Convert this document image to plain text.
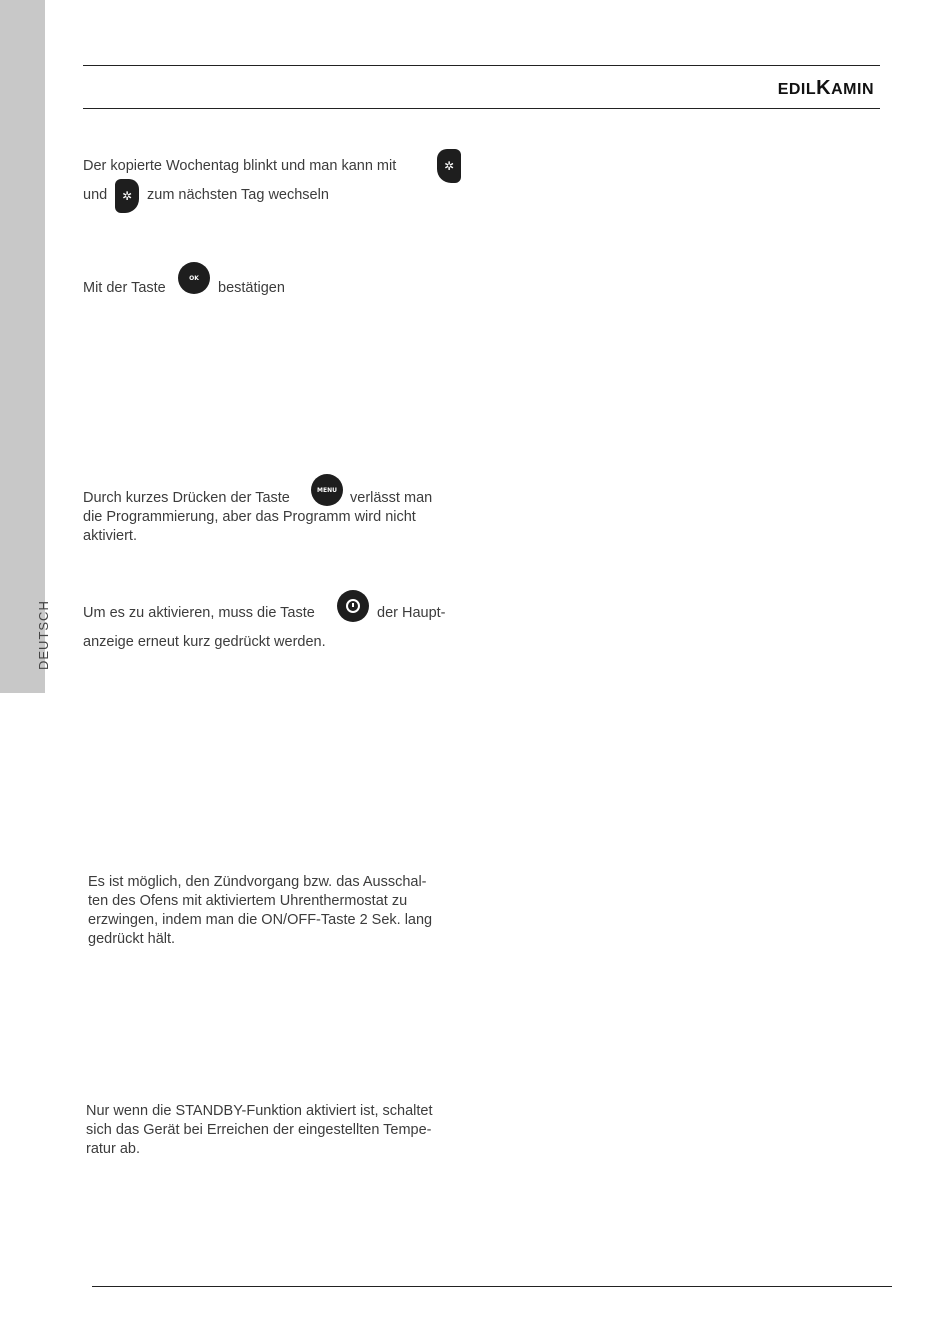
DEUTSCH
EDILKAMIN
Der kopierte Wochentag blinkt und man kann mit	✲
und ✲ zum nächsten Tag wechseln
Mit der Taste
OK
bestätigen
Durch kurzes Drücken der Taste	MENU verlässt man
die Programmierung, aber das Programm wird nicht
aktiviert.
Um es zu aktivieren, muss die Taste	der Haupt-
anzeige erneut kurz gedrückt werden.
Es ist möglich, den Zündvorgang bzw. das Ausschal-
ten des Ofens mit aktiviertem Uhrenthermostat zu
erzwingen, indem man die ON/OFF-Taste 2 Sek. lang
gedrückt hält.
Nur wenn die STANDBY-Funktion aktiviert ist, schaltet
sich das Gerät bei Erreichen der eingestellten Tempe-
ratur ab.
